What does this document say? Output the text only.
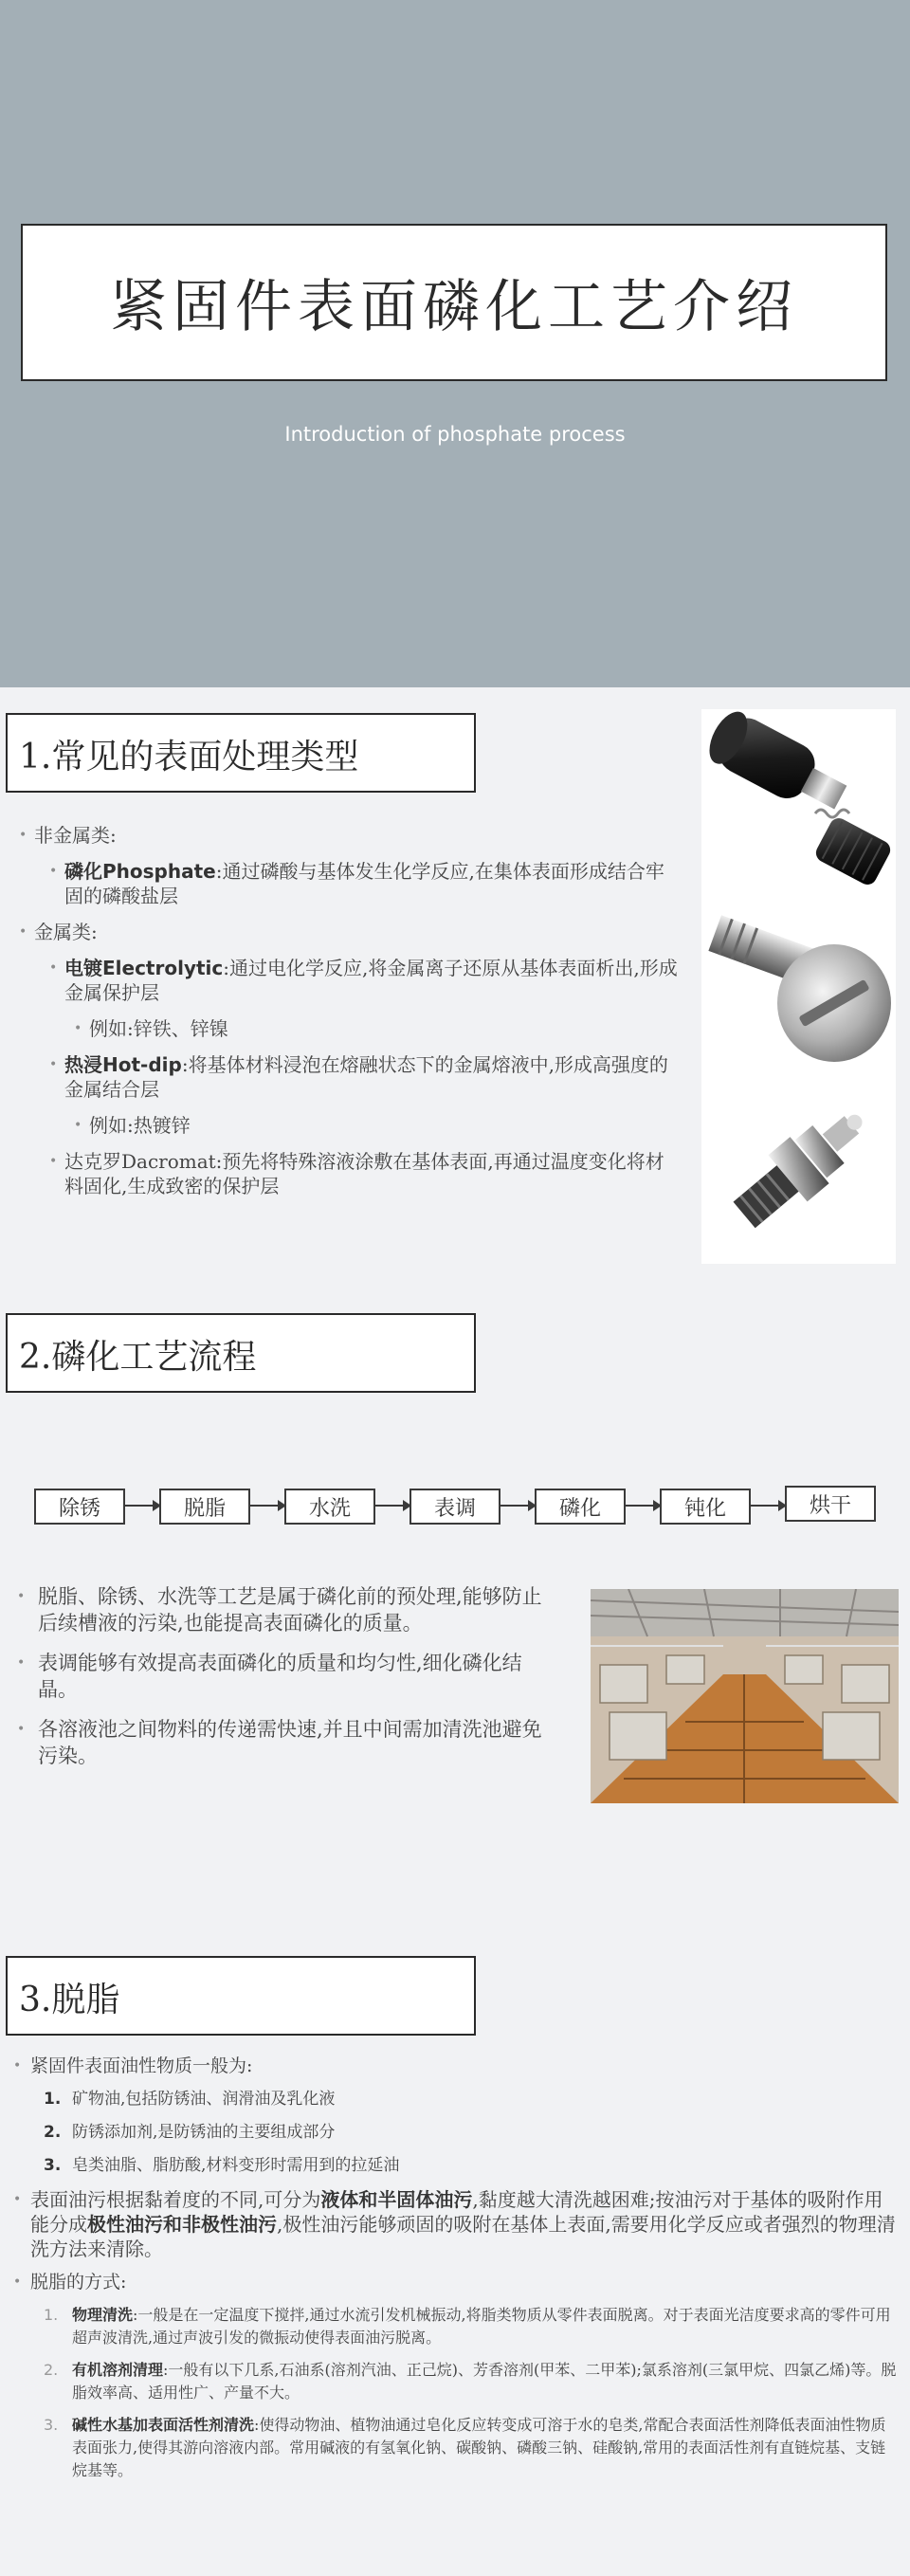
紧固件表面磷化工艺介绍
Introduction of phosphate process
1.常见的表面处理类型
• 非金属类:
• 磷化Phosphate:通过磷酸与基体发生化学反应,在集体表面形成结合牢固的磷酸盐层
• 金属类:
• 电镀Electrolytic:通过电化学反应,将金属离子还原从基体表面析出,形成金属保护层
• 例如:锌铁、锌镍
• 热浸Hot-dip:将基体材料浸泡在熔融状态下的金属熔液中,形成高强度的金属结合层
• 例如:热镀锌
• 达克罗Dacromat:预先将特殊溶液涂敷在基体表面,再通过温度变化将材料固化,生成致密的保护层
2.磷化工艺流程
除锈	脱脂	水洗	表调	磷化	钝化	烘干
• 脱脂、除锈、水洗等工艺是属于磷化前的预处理,能够防止后续槽液的污染,也能提高表面磷化的质量。
• 表调能够有效提高表面磷化的质量和均匀性,细化磷化结晶。
• 各溶液池之间物料的传递需快速,并且中间需加清洗池避免污染。
3.脱脂
• 紧固件表面油性物质一般为:
1. 矿物油,包括防锈油、润滑油及乳化液
2. 防锈添加剂,是防锈油的主要组成部分
3. 皂类油脂、脂肪酸,材料变形时需用到的拉延油
• 表面油污根据黏着度的不同,可分为液体和半固体油污,黏度越大清洗越困难;按油污对于基体的吸附作用能分成极性油污和非极性油污,极性油污能够顽固的吸附在基体上表面,需要用化学反应或者强烈的物理清洗方法来清除。
• 脱脂的方式:
1. 物理清洗:一般是在一定温度下搅拌,通过水流引发机械振动,将脂类物质从零件表面脱离。对于表面光洁度要求高的零件可用超声波清洗,通过声波引发的微振动使得表面油污脱离。
2. 有机溶剂清理:一般有以下几系,石油系(溶剂汽油、正己烷)、芳香溶剂(甲苯、二甲苯);氯系溶剂(三氯甲烷、四氯乙烯)等。脱脂效率高、适用性广、产量不大。
3. 碱性水基加表面活性剂清洗:使得动物油、植物油通过皂化反应转变成可溶于水的皂类,常配合表面活性剂降低表面油性物质表面张力,使得其游向溶液内部。常用碱液的有氢氧化钠、碳酸钠、磷酸三钠、硅酸钠,常用的表面活性剂有直链烷基、支链烷基等。
